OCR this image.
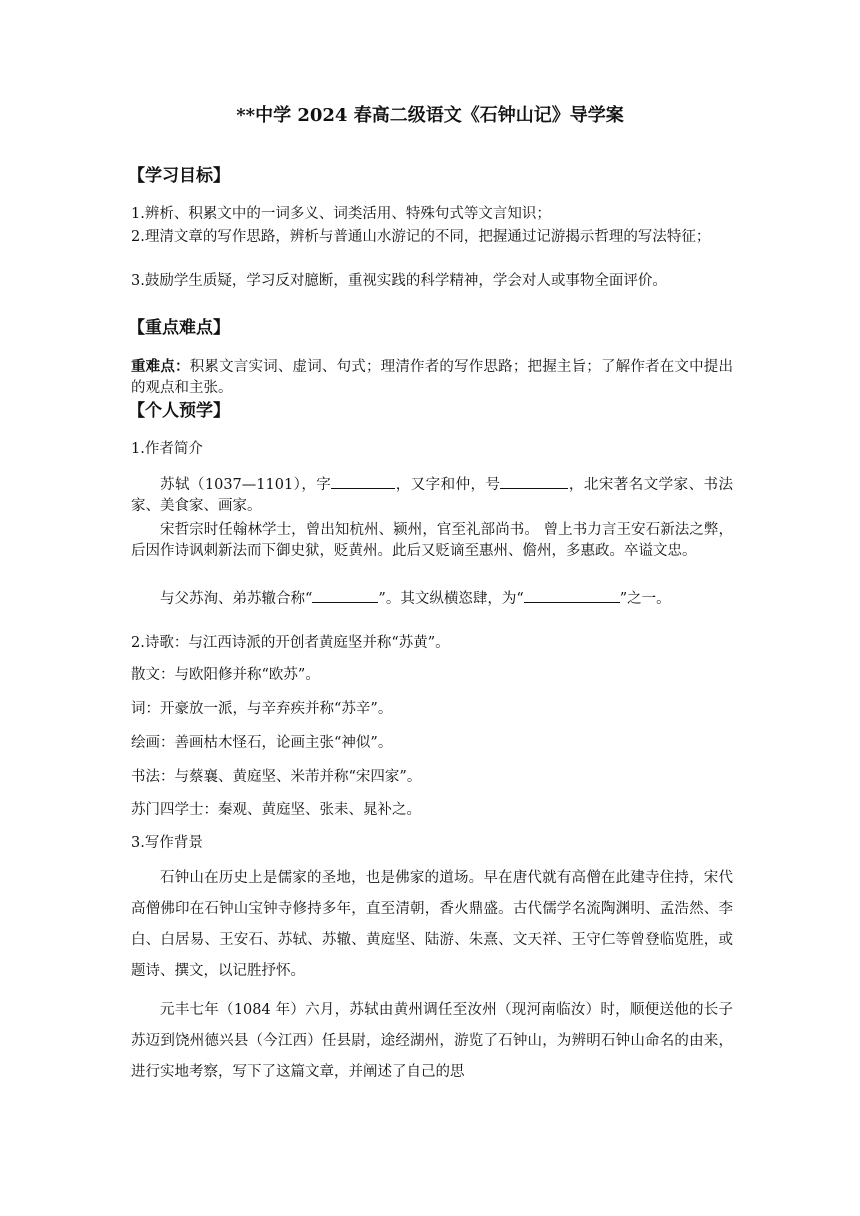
**中学 2024 春高二级语文《石钟山记》导学案
【学习目标】

1.辨析、积累文中的一词多义、词类活用、特殊句式等文言知识；

2.理清文章的写作思路，辨析与普通山水游记的不同，把握通过记游揭示哲理的写法特征；

3.鼓励学生质疑，学习反对臆断，重视实践的科学精神，学会对人或事物全面评价。

【重点难点】

重难点：积累文言实词、虚词、句式；理清作者的写作思路；把握主旨；了解作者在文中提出的观点和主张。

【个人预学】

1.作者简介

苏轼（1037—1101），字	，又字和仲，号	，北宋著名文学家、书法家、美食家、画家。

宋哲宗时任翰林学士，曾出知杭州、颍州，官至礼部尚书。 曾上书力言王安石新法之弊，后因作诗讽刺新法而下御史狱，贬黄州。此后又贬谪至惠州、儋州，多惠政。卒谥文忠。

与父苏洵、弟苏辙合称“	”。其文纵横恣肆，为“	”之一。

2.诗歌：与江西诗派的开创者黄庭坚并称“苏黄”。

散文：与欧阳修并称“欧苏”。

词：开豪放一派，与辛弃疾并称“苏辛”。

绘画：善画枯木怪石，论画主张“神似”。

书法：与蔡襄、黄庭坚、米芾并称“宋四家”。

苏门四学士：秦观、黄庭坚、张耒、晁补之。

3.写作背景

石钟山在历史上是儒家的圣地，也是佛家的道场。早在唐代就有高僧在此建寺住持，宋代高僧佛印在石钟山宝钟寺修持多年，直至清朝，香火鼎盛。古代儒学名流陶渊明、孟浩然、李白、白居易、王安石、苏轼、苏辙、黄庭坚、陆游、朱熹、文天祥、王守仁等曾登临览胜，或题诗、撰文，以记胜抒怀。

元丰七年（1084 年）六月，苏轼由黄州调任至汝州（现河南临汝）时，顺便送他的长子苏迈到饶州德兴县（今江西）任县尉，途经湖州，游览了石钟山，为辨明石钟山命名的由来，进行实地考察，写下了这篇文章，并阐述了自己的思
